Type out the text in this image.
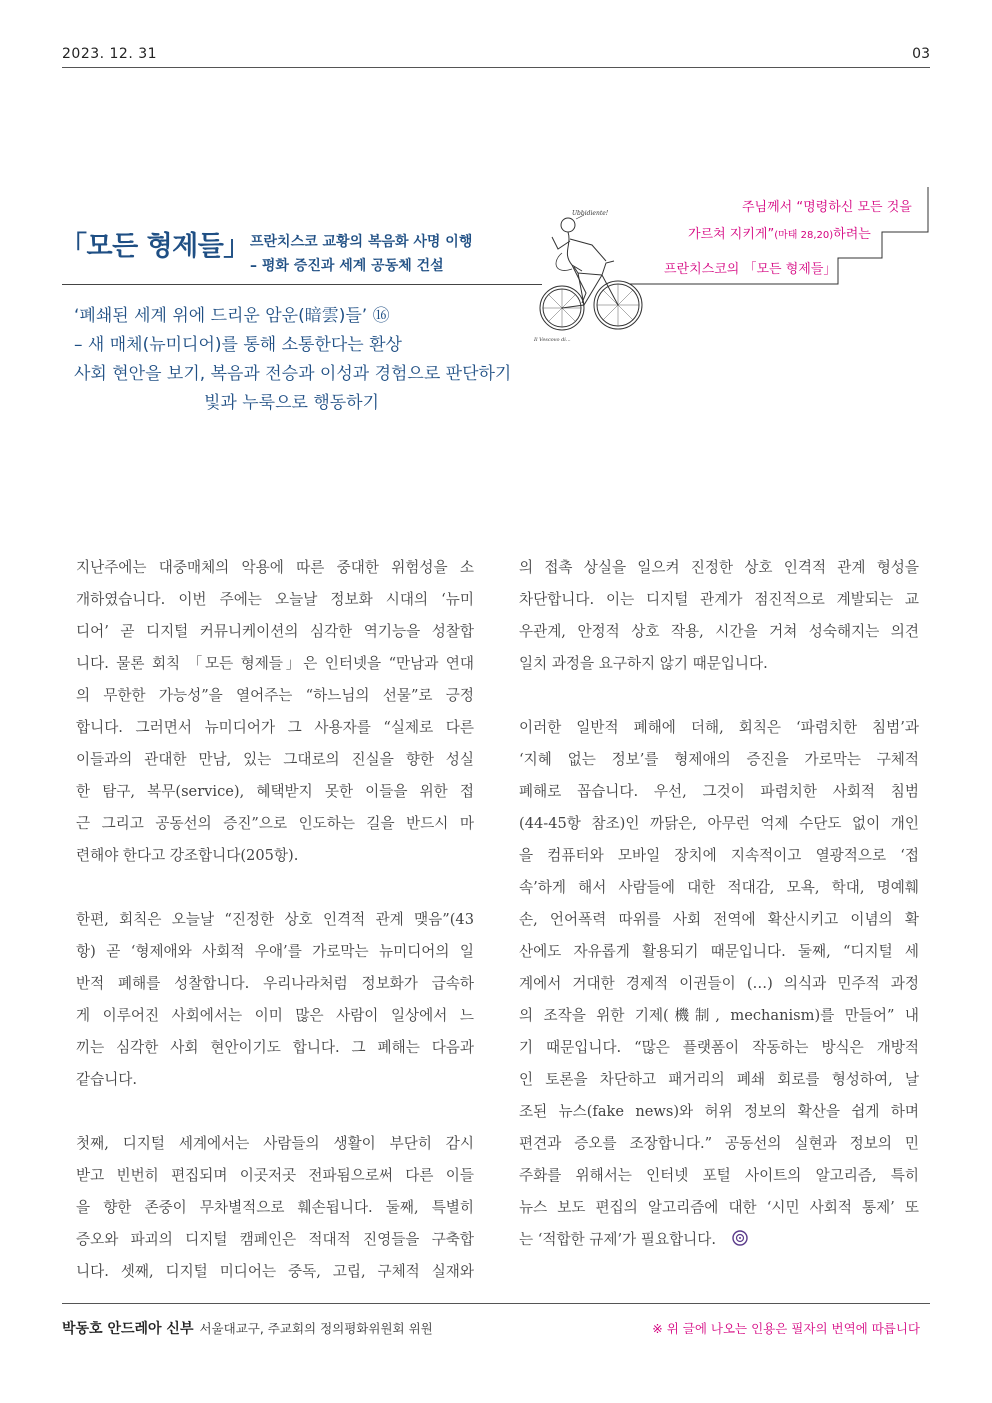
2023. 12. 31	03
「모든 형제들」 프란치스코 교황의 복음화 사명 이행
– 평화 증진과 세계 공동체 건설
‘폐쇄된 세계 위에 드리운 암운(暗雲)들’ ⑯
– 새 매체(뉴미디어)를 통해 소통한다는 환상
사회 현안을 보기, 복음과 전승과 이성과 경험으로 판단하기
빛과 누룩으로 행동하기
Ubbidiente!
Il Vescovo di...
주님께서 “명령하신 모든 것을
가르쳐 지키게”(마태 28,20)하려는
프란치스코의 「모든 형제들」
지난주에는 대중매체의 악용에 따른 중대한 위험성을 소
개하였습니다. 이번 주에는 오늘날 정보화 시대의 ‘뉴미
디어’ 곧 디지털 커뮤니케이션의 심각한 역기능을 성찰합
니다. 물론 회칙 「모든 형제들」은 인터넷을 “만남과 연대
의 무한한 가능성”을 열어주는 “하느님의 선물”로 긍정
합니다. 그러면서 뉴미디어가 그 사용자를 “실제로 다른
이들과의 관대한 만남, 있는 그대로의 진실을 향한 성실
한 탐구, 복무(service), 혜택받지 못한 이들을 위한 접
근 그리고 공동선의 증진”으로 인도하는 길을 반드시 마
련해야 한다고 강조합니다(205항).
한편, 회칙은 오늘날 “진정한 상호 인격적 관계 맺음”(43
항) 곧 ‘형제애와 사회적 우애’를 가로막는 뉴미디어의 일
반적 폐해를 성찰합니다. 우리나라처럼 정보화가 급속하
게 이루어진 사회에서는 이미 많은 사람이 일상에서 느
끼는 심각한 사회 현안이기도 합니다. 그 폐해는 다음과
같습니다.
첫째, 디지털 세계에서는 사람들의 생활이 부단히 감시
받고 빈번히 편집되며 이곳저곳 전파됨으로써 다른 이들
을 향한 존중이 무차별적으로 훼손됩니다. 둘째, 특별히
증오와 파괴의 디지털 캠페인은 적대적 진영들을 구축합
니다. 셋째, 디지털 미디어는 중독, 고립, 구체적 실재와
의 접촉 상실을 일으켜 진정한 상호 인격적 관계 형성을
차단합니다. 이는 디지털 관계가 점진적으로 계발되는 교
우관계, 안정적 상호 작용, 시간을 거쳐 성숙해지는 의견
일치 과정을 요구하지 않기 때문입니다.
이러한 일반적 폐해에 더해, 회칙은 ‘파렴치한 침범’과
‘지혜 없는 정보’를 형제애의 증진을 가로막는 구체적
폐해로 꼽습니다. 우선, 그것이 파렴치한 사회적 침범
(44-45항 참조)인 까닭은, 아무런 억제 수단도 없이 개인
을 컴퓨터와 모바일 장치에 지속적이고 열광적으로 ‘접
속’하게 해서 사람들에 대한 적대감, 모욕, 학대, 명예훼
손, 언어폭력 따위를 사회 전역에 확산시키고 이념의 확
산에도 자유롭게 활용되기 때문입니다. 둘째, “디지털 세
계에서 거대한 경제적 이권들이 (…) 의식과 민주적 과정
의 조작을 위한 기제(機制, mechanism)를 만들어” 내
기 때문입니다. “많은 플랫폼이 작동하는 방식은 개방적
인 토론을 차단하고 패거리의 폐쇄 회로를 형성하여, 날
조된 뉴스(fake news)와 허위 정보의 확산을 쉽게 하며
편견과 증오를 조장합니다.” 공동선의 실현과 정보의 민
주화를 위해서는 인터넷 포털 사이트의 알고리즘, 특히
뉴스 보도 편집의 알고리즘에 대한 ‘시민 사회적 통제’ 또
는 ‘적합한 규제’가 필요합니다.
박동호 안드레아 신부 서울대교구, 주교회의 정의평화위원회 위원	※ 위 글에 나오는 인용은 필자의 번역에 따릅니다
